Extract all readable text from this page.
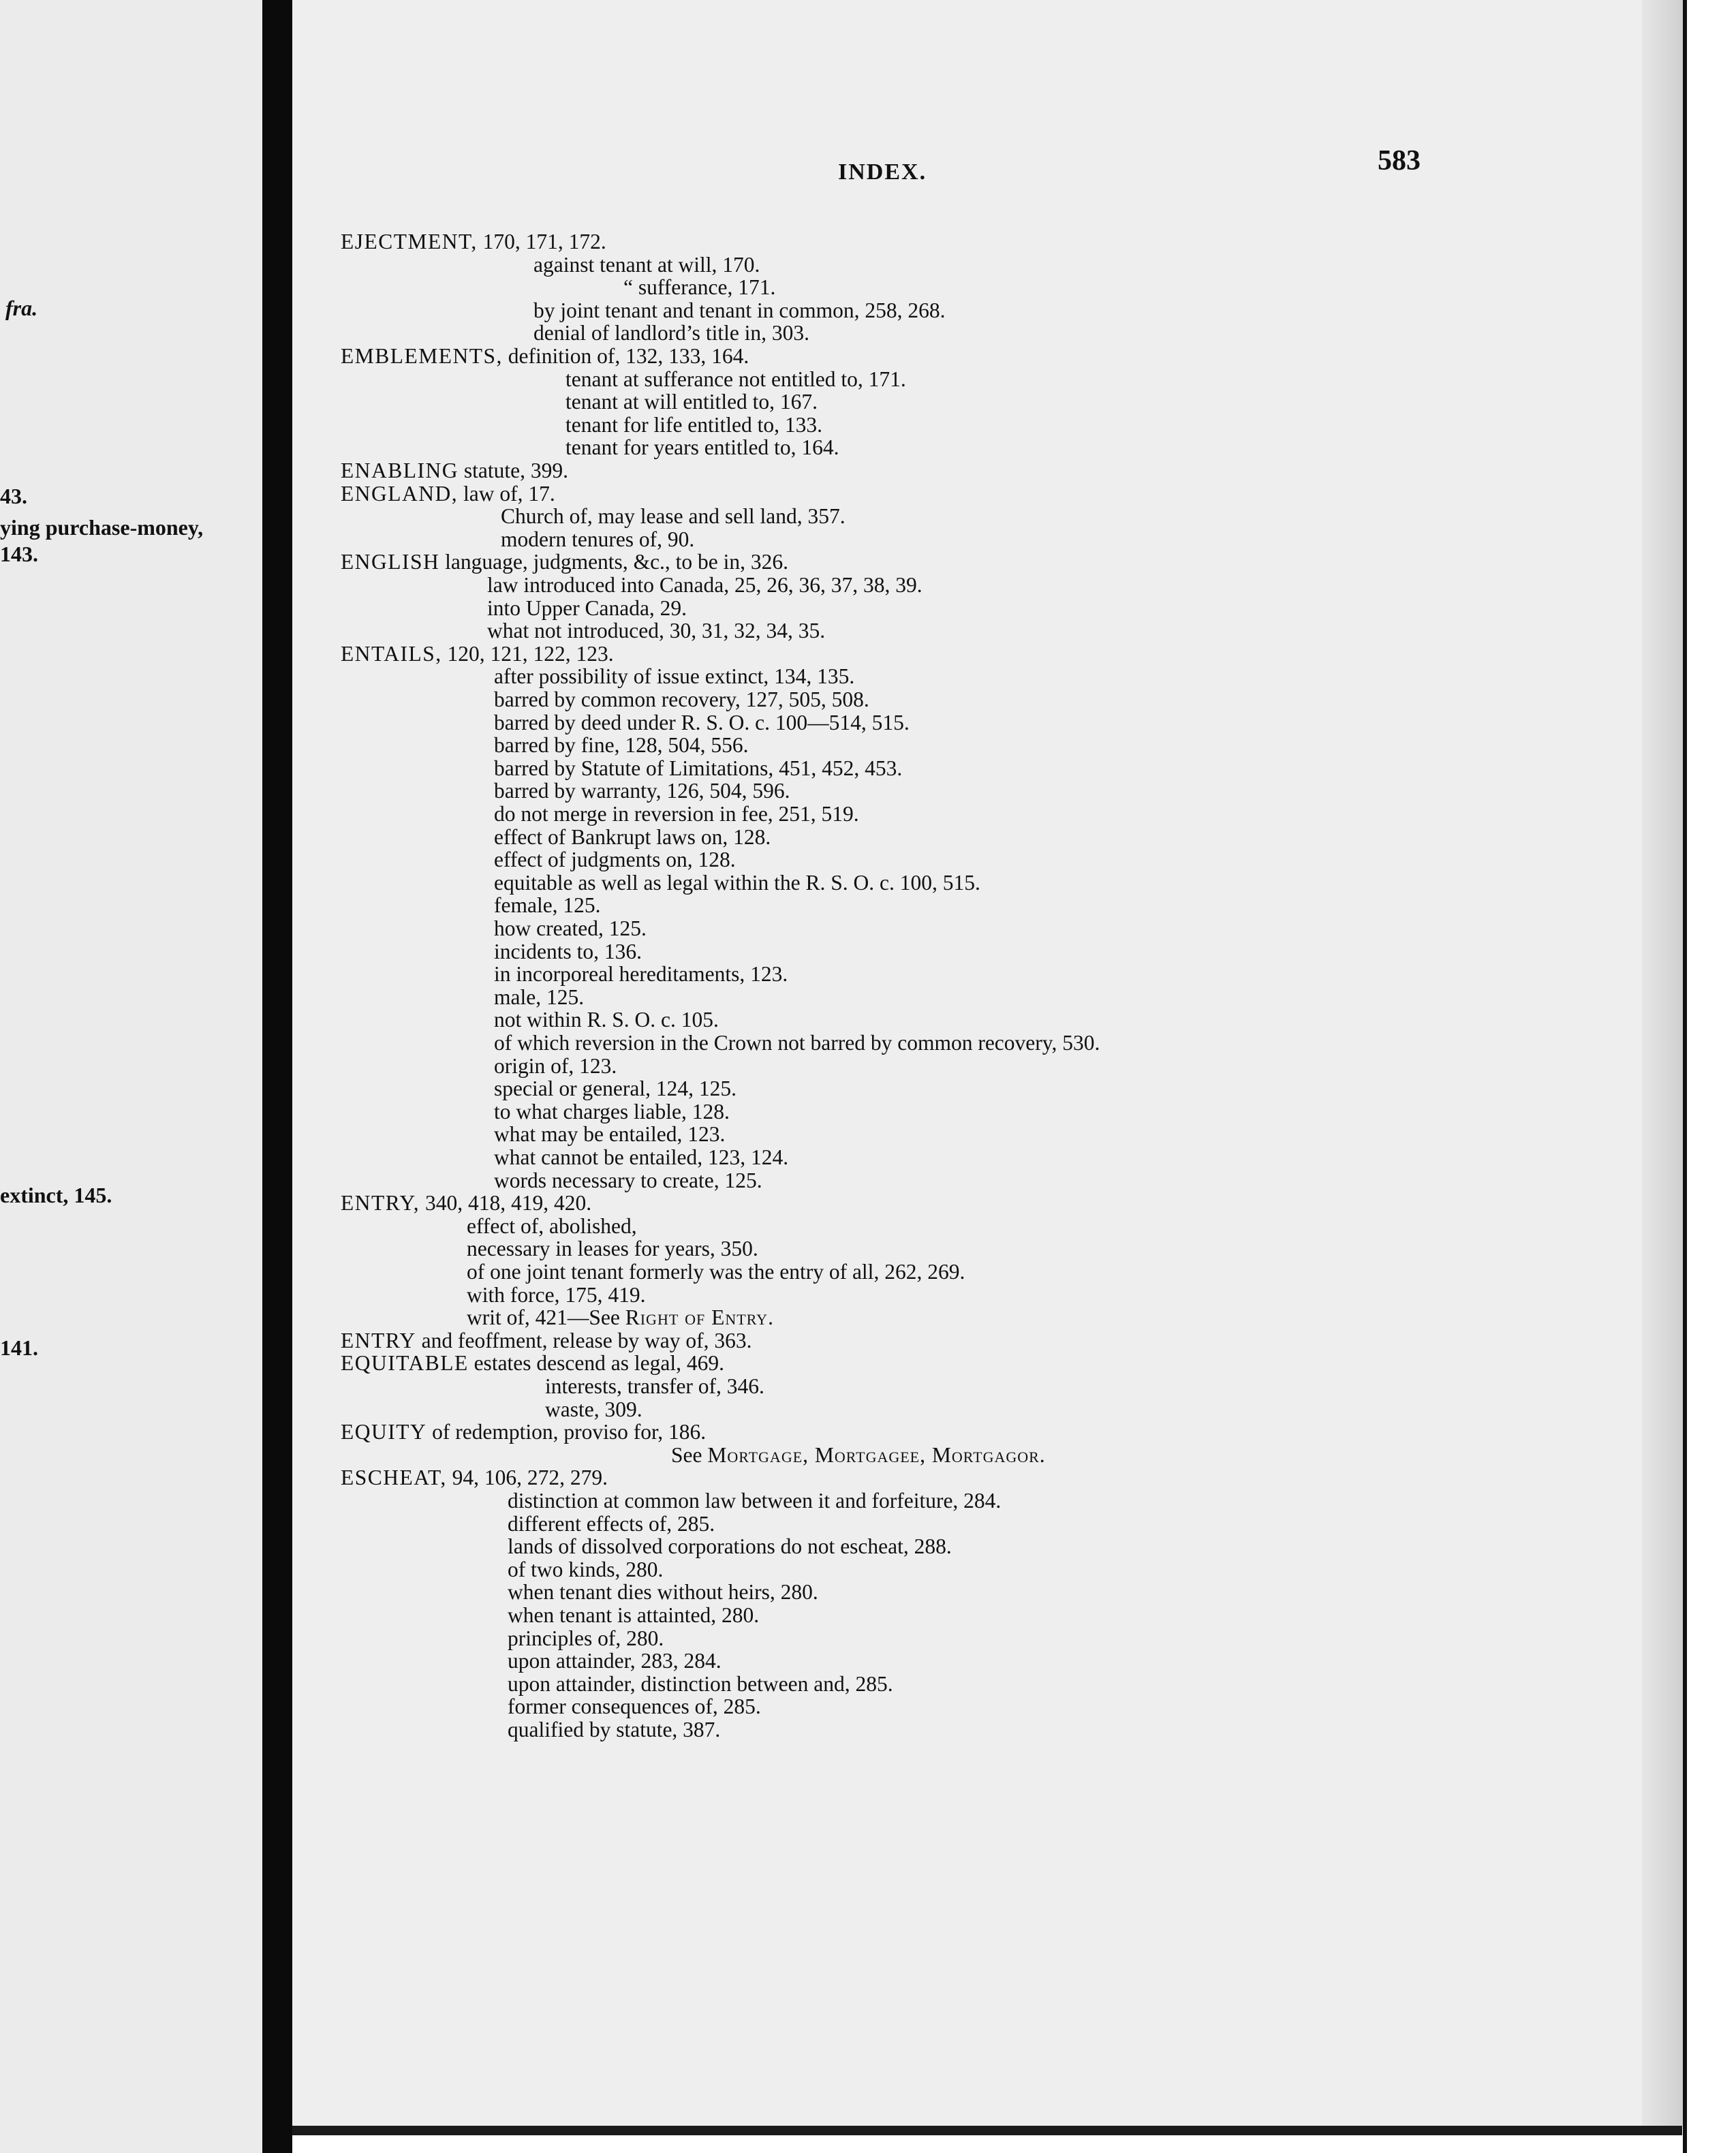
fra.
43.
ying purchase-money,
143.
extinct, 145.
141.
INDEX.	583
EJECTMENT, 170, 171, 172.
against tenant at will, 170.
“ sufferance, 171.
by joint tenant and tenant in common, 258, 268.
denial of landlord’s title in, 303.
EMBLEMENTS, definition of, 132, 133, 164.
tenant at sufferance not entitled to, 171.
tenant at will entitled to, 167.
tenant for life entitled to, 133.
tenant for years entitled to, 164.
ENABLING statute, 399.
ENGLAND, law of, 17.
Church of, may lease and sell land, 357.
modern tenures of, 90.
ENGLISH language, judgments, &c., to be in, 326.
law introduced into Canada, 25, 26, 36, 37, 38, 39.
into Upper Canada, 29.
what not introduced, 30, 31, 32, 34, 35.
ENTAILS, 120, 121, 122, 123.
after possibility of issue extinct, 134, 135.
barred by common recovery, 127, 505, 508.
barred by deed under R. S. O. c. 100—514, 515.
barred by fine, 128, 504, 556.
barred by Statute of Limitations, 451, 452, 453.
barred by warranty, 126, 504, 596.
do not merge in reversion in fee, 251, 519.
effect of Bankrupt laws on, 128.
effect of judgments on, 128.
equitable as well as legal within the R. S. O. c. 100, 515.
female, 125.
how created, 125.
incidents to, 136.
in incorporeal hereditaments, 123.
male, 125.
not within R. S. O. c. 105.
of which reversion in the Crown not barred by common recovery, 530.
origin of, 123.
special or general, 124, 125.
to what charges liable, 128.
what may be entailed, 123.
what cannot be entailed, 123, 124.
words necessary to create, 125.
ENTRY, 340, 418, 419, 420.
effect of, abolished,
necessary in leases for years, 350.
of one joint tenant formerly was the entry of all, 262, 269.
with force, 175, 419.
writ of, 421—See Right of Entry.
ENTRY and feoffment, release by way of, 363.
EQUITABLE estates descend as legal, 469.
interests, transfer of, 346.
waste, 309.
EQUITY of redemption, proviso for, 186.
See Mortgage, Mortgagee, Mortgagor.
ESCHEAT, 94, 106, 272, 279.
distinction at common law between it and forfeiture, 284.
different effects of, 285.
lands of dissolved corporations do not escheat, 288.
of two kinds, 280.
when tenant dies without heirs, 280.
when tenant is attainted, 280.
principles of, 280.
upon attainder, 283, 284.
upon attainder, distinction between and, 285.
former consequences of, 285.
qualified by statute, 387.
